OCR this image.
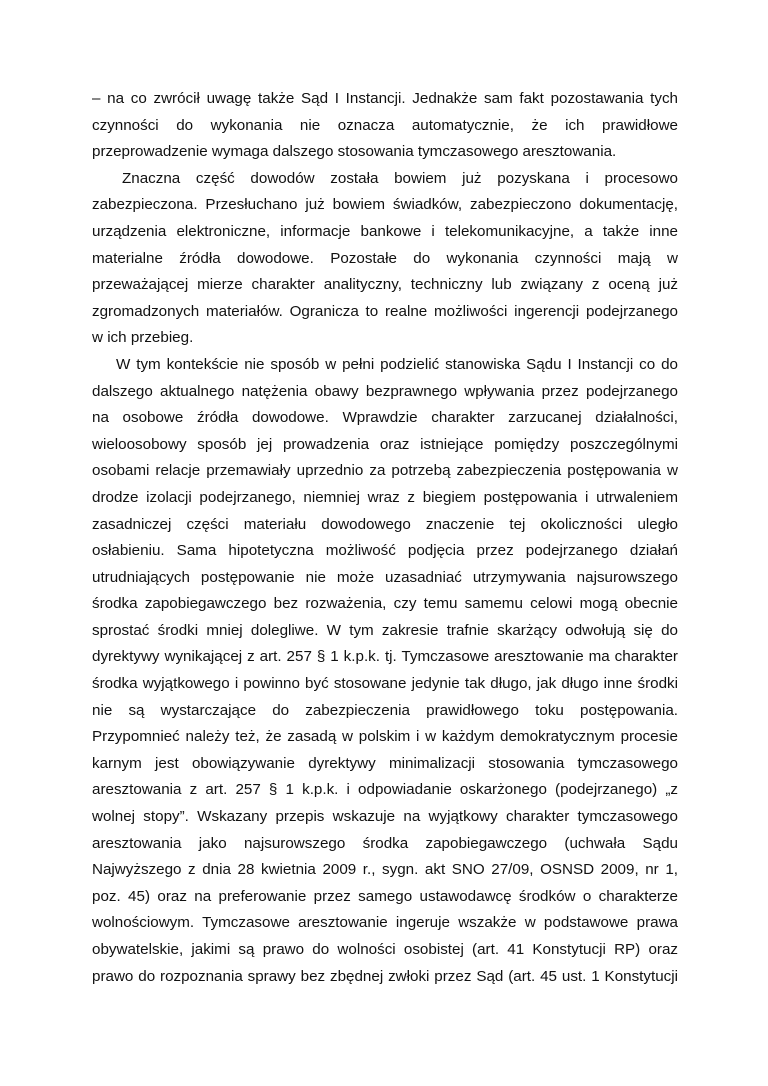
– na co zwrócił uwagę także Sąd I Instancji. Jednakże sam fakt pozostawania tych

czynności do wykonania nie oznacza automatycznie, że ich prawidłowe

przeprowadzenie wymaga dalszego stosowania tymczasowego aresztowania.

Znaczna część dowodów została bowiem już pozyskana i procesowo

zabezpieczona. Przesłuchano już bowiem świadków, zabezpieczono dokumentację,

urządzenia elektroniczne, informacje bankowe i telekomunikacyjne, a także inne

materialne źródła dowodowe. Pozostałe do wykonania czynności mają w

przeważającej mierze charakter analityczny, techniczny lub związany z oceną już

zgromadzonych materiałów. Ogranicza to realne możliwości ingerencji podejrzanego

w ich przebieg.

W tym kontekście nie sposób w pełni podzielić stanowiska Sądu I Instancji co do

dalszego aktualnego natężenia obawy bezprawnego wpływania przez podejrzanego

na osobowe źródła dowodowe. Wprawdzie charakter zarzucanej działalności,

wieloosobowy sposób jej prowadzenia oraz istniejące pomiędzy poszczególnymi

osobami relacje przemawiały uprzednio za potrzebą zabezpieczenia postępowania w

drodze izolacji podejrzanego, niemniej wraz z biegiem postępowania i utrwaleniem

zasadniczej części materiału dowodowego znaczenie tej okoliczności uległo

osłabieniu. Sama hipotetyczna możliwość podjęcia przez podejrzanego działań

utrudniających postępowanie nie może uzasadniać utrzymywania najsurowszego

środka zapobiegawczego bez rozważenia, czy temu samemu celowi mogą obecnie

sprostać środki mniej dolegliwe. W tym zakresie trafnie skarżący odwołują się do

dyrektywy wynikającej z art. 257 § 1 k.p.k. tj. Tymczasowe aresztowanie ma charakter

środka wyjątkowego i powinno być stosowane jedynie tak długo, jak długo inne środki

nie są wystarczające do zabezpieczenia prawidłowego toku postępowania.

Przypomnieć należy też, że zasadą w polskim i w każdym demokratycznym procesie

karnym jest obowiązywanie dyrektywy minimalizacji stosowania tymczasowego

aresztowania z art. 257 § 1 k.p.k. i odpowiadanie oskarżonego (podejrzanego) „z

wolnej stopy”. Wskazany przepis wskazuje na wyjątkowy charakter tymczasowego

aresztowania jako najsurowszego środka zapobiegawczego (uchwała Sądu

Najwyższego z dnia 28 kwietnia 2009 r., sygn. akt SNO 27/09, OSNSD 2009, nr 1,

poz. 45) oraz na preferowanie przez samego ustawodawcę środków o charakterze

wolnościowym. Tymczasowe aresztowanie ingeruje wszakże w podstawowe prawa

obywatelskie, jakimi są prawo do wolności osobistej (art. 41 Konstytucji RP) oraz

prawo do rozpoznania sprawy bez zbędnej zwłoki przez Sąd (art. 45 ust. 1 Konstytucji
